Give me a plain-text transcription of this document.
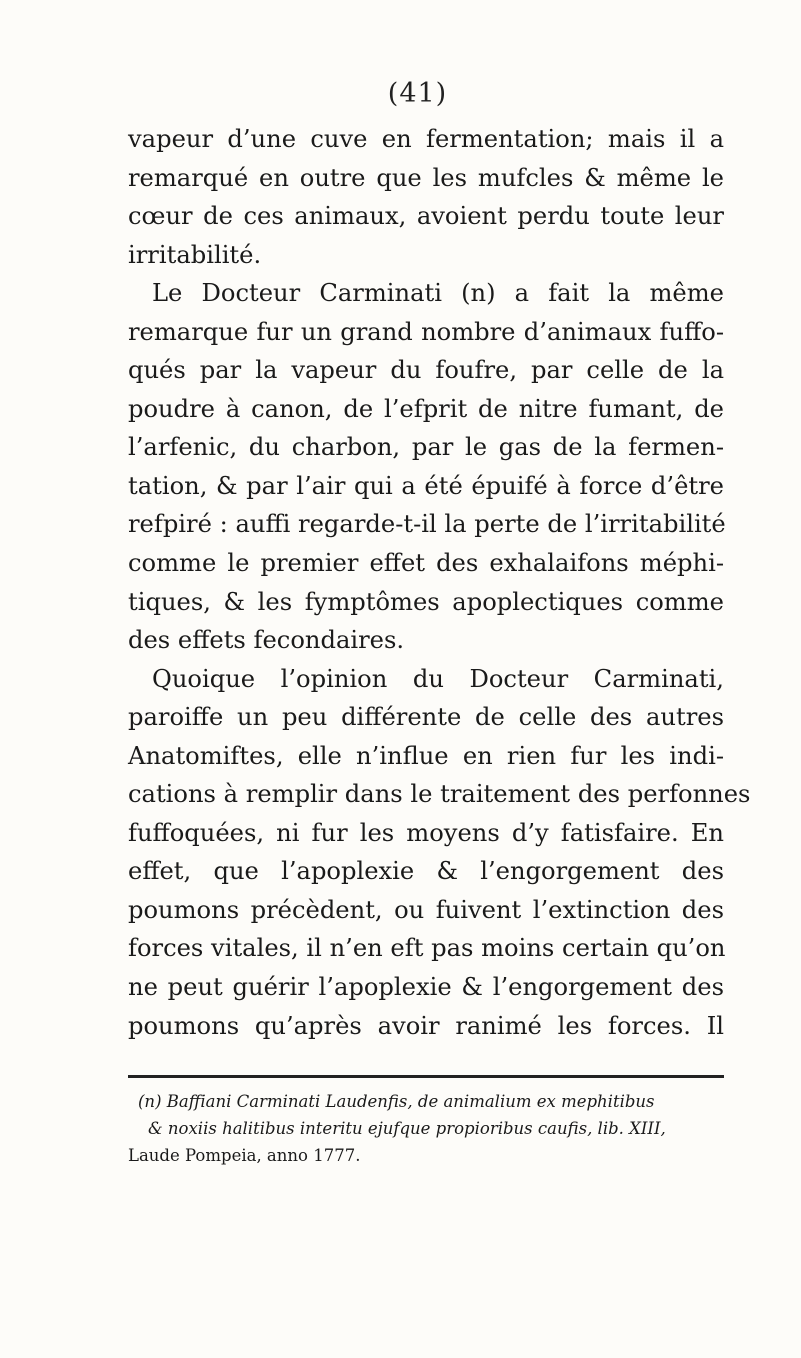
(41)
vapeur d’une cuve en fermentation; mais il a
remarqué en outre que les mufcles & même le
cœur de ces animaux, avoient perdu toute leur
irritabilité.
Le Docteur Carminati (n) a fait la même
remarque fur un grand nombre d’animaux fuffo-
qués par la vapeur du foufre, par celle de la
poudre à canon, de l’efprit de nitre fumant, de
l’arfenic, du charbon, par le gas de la fermen-
tation, & par l’air qui a été épuifé à force d’être
refpiré : auffi regarde-t-il la perte de l’irritabilité
comme le premier effet des exhalaifons méphi-
tiques, & les fymptômes apoplectiques comme
des effets fecondaires.
Quoique l’opinion du Docteur Carminati,
paroiffe un peu différente de celle des autres
Anatomiftes, elle n’influe en rien fur les indi-
cations à remplir dans le traitement des perfonnes
fuffoquées, ni fur les moyens d’y fatisfaire. En
effet, que l’apoplexie & l’engorgement des
poumons précèdent, ou fuivent l’extinction des
forces vitales, il n’en eft pas moins certain qu’on
ne peut guérir l’apoplexie & l’engorgement des
poumons qu’après avoir ranimé les forces. Il
(n) Baffiani Carminati Laudenfis, de animalium ex mephitibus
& noxiis halitibus interitu ejufque propioribus caufis, lib. XIII,
Laude Pompeia, anno 1777.
